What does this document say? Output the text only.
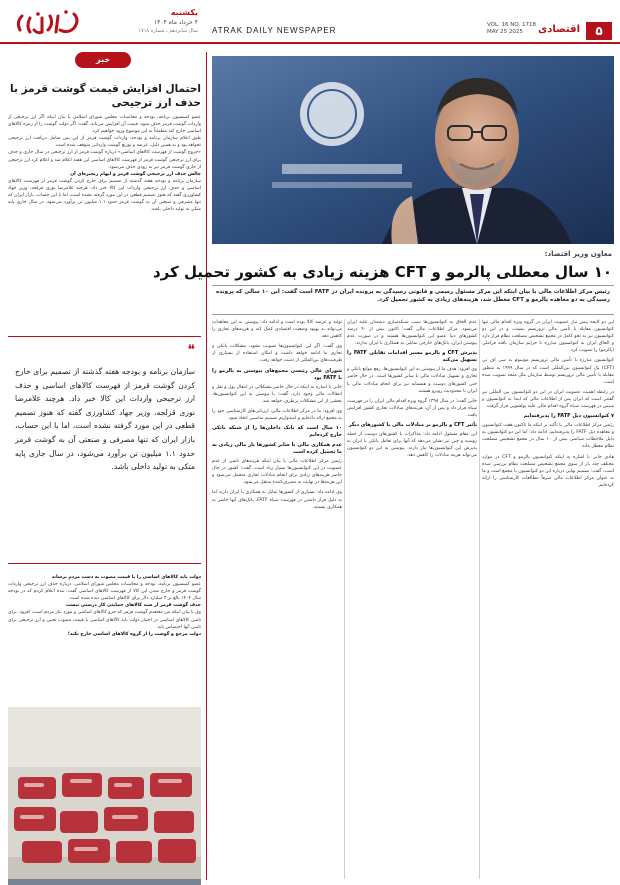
۵
اقتصادی
VOL. 16 NO. 1718
MAY 25 2025
ATRAK DAILY NEWSPAPER
یکشنبه
۴ خرداد ماه ۱۴۰۴
سال شانزدهم ـ شماره ۱۷۱۸
خبر
احتمال افزایش قیمت گوشت قرمز با حذف ارز ترجیحی

عضو کمیسیون برنامه، بودجه و محاسبات مجلس شورای اسلامی با بیان اینکه اگر ارز ترجیحی از واردات گوشت قرمز حذف شود، قیمت آن افزایش می‌یابد، گفت: اگر دولت گوشت را از زمره کالاهای اساسی خارج کند مطمئناً به این موضوع ورود خواهیم کرد.

طبق اعلام سازمان برنامه و بودجه، واردات گوشت قرمز از این پس شامل دریافت ارز ترجیحی نخواهد بود و به همین دلیل، عرضه و توزیع گوشت وارداتی متوقف شده است.

«خروج گوشت از فهرست کالاهای اساسی» درباره گوشت قرمز از ارز ترجیحی در سال جاری و حذف برای ارز ترجیحی گوشت قرمز از فهرست کالاهای اساسی این هفته اعلام شد و اعلام کرد ارز ترجیحی از جاری گوشت قرمز نیز به زودی حذف می‌شود.

چالش حذف ارز ترجیحی گوشت قرمز و ابهام زنجیره‌ای آن

سازمان برنامه و بودجه هفته گذشته از تصمیم برای خارج کردن گوشت قرمز از فهرست کالاهای اساسی و حذف ارز ترجیحی واردات این کالا خبر داد. هرچند غلامرضا نوری قزلجه، وزیر جهاد کشاورزی گفته که هنوز تصمیم قطعی در این مورد گرفته نشده است، اما با این حساب، بازار ایران که تنها مصرفی و صنعتی آن به گوشت قرمز حدود ۱.۱ میلیون تن برآورد می‌شود، در سال جاری پایه متکی به تولید داخلی باشد.

❝
سازمان برنامه و بودجه هفته گذشته از تصمیم برای خارج کردن گوشت قرمز از فهرست کالاهای اساسی و حذف ارز ترجیحی واردات این کالا خبر داد. هرچند غلامرضا نوری قزلجه، وزیر جهاد کشاورزی گفته که هنوز تصمیم قطعی در این مورد گرفته نشده است، اما با این حساب، بازار ایران که تنها مصرفی و صنعتی آن به گوشت قرمز حدود ۱.۱ میلیون تن برآورد می‌شود، در سال جاری پایه متکی به تولید داخلی باشد.

دولت باید کالاهای اساسی را با قیمت مصوب به دست مردم برساند

عضو کمیسیون برنامه، بودجه و محاسبات مجلس شورای اسلامی، درباره حذف ارز ترجیحی واردات گوشت قرمز و خارج شدن این کالا از فهرست کالاهای اساسی گفت: بنده اعلام کردم که در بودجه سال ۱۴۰۴ بالغ بر ۳ میلیارد دلار برای کالاهای اساسی دیده شده است.

حذف گوشت قرمز از سبد کالاهای حمایتی کار درستی نیست

وی با بیان اینکه من معتقدم گوشت قرمز که جزو کالاهای اساسی و مورد نیاز مردم است، افزود: برای تامین کالاهای اساسی در اختیار دولت باید کالاهای اساسی با قیمت مصوب تعیین و ارز ترجیحی برای تامین آنها اختصاص یابد.

دولت مرجع و گوشت را از گروه کالاهای اساسی خارج نکند!

معاون وزیر اقتصاد:
۱۰ سال معطلی پالرمو و CFT هزینه زیادی به کشور تحمیل کرد
رئیس مرکز اطلاعات مالی با بیان اینکه این مرکز مسئول رسمی و قانونی رسیدگی به پرونده ایران در FATF است گفت: این ۱۰ سالی که پرونده رسیدگی به دو معاهده پالرمو و CFT معطل شد، هزینه‌های زیادی به کشور تحمیل کرد.

این دو لایحه پیش نیاز عضویت ایران در گروه ویژه اقدام مالی تنها کنوانسیون مقابله با تأمین مالی تروریسم نیست، و در این دو کنوانسیون نیز به نحو کامل در مجمع تشخیص مصلحت نظام قرار دارد و الحاق ایران به کنوانسیون مبارزه با جرایم سازمان یافته فراملی (پالرمو) را تصویب کرد.

کنوانسیون مبارزه با تأمین مالی تروریسم موسوم به سی اف تی (CFT) یک کنوانسیون بین‌المللی است که در سال ۱۹۹۹ به منظور مقابله با تأمین مالی تروریسم توسط سازمان ملل متحد تصویب شده است.

در رابطه اهمیت عضویت ایران در این دو کنوانسیون بین المللی نیز گفتنی است که ایران پس از اطلاعات مالی که ابتدا به کنوانسیون و سپس در فهرست سیاه گروه اقدام مالی علیه پولشویی قرار گرفت.

۷ کنوانسیون ذیل FATF را پذیرفته‌ایم

رئیس مرکز اطلاعات مالی با تأکید بر اینکه ما تاکنون هفت کنوانسیون و معاهده ذیل FATF را پذیرفته‌ایم، ادامه داد: اما این دو کنوانسیون به دلیل ملاحظات سیاسی بیش از ۱۰ سال در مجمع تشخیص مصلحت نظام معطل ماند.

هادی خانی با اشاره به اینکه کنوانسیون پالرمو و CFT در موارد مختلف چند بار از سوی مجمع تشخیص مصلحت نظام بررسی شده است، گفت: تصمیم نهایی درباره این دو کنوانسیون با مجمع است و ما به عنوان مرکز اطلاعات مالی صرفاً مطالعات کارشناسی را ارائه کرده‌ایم.

عدم الحاق به کنوانسیون‌ها سبب شبکه‌سازی دشمنان علیه ایران می‌شود. مرکز اطلاعات مالی گفت: اکنون بیش از ۹۰ درصد کشورهای دنیا عضو این کنوانسیون‌ها هستند و در صورت عدم پیوستن ایران، بانک‌های خارجی تمایلی به همکاری با ایران ندارند.

پذیرش CFT و پالرمو مسیر اقدامات تقابلی FATF را تسهیل می‌کند

وی افزود: هدف ما از پیوستن به این کنوانسیون‌ها، رفع موانع بانکی و تجاری و تسهیل مبادلات مالی با سایر کشورها است. در حال حاضر حتی کشورهای دوست و همسایه نیز برای انجام مبادلات مالی با ایران با محدودیت روبرو هستند.

خانی گفت: در سال ۱۳۹۸ گروه ویژه اقدام مالی ایران را در فهرست سیاه قرار داد و پس از آن، هزینه‌های مبادلات تجاری کشور افزایش یافت.

تأثیر CFT و پالرمو بر مبادلات مالی با کشورهای دیگر

این مقام مسئول ادامه داد: مذاکرات با کشورهای دوست از جمله روسیه و چین نیز نشان می‌دهد که آنها برای تعامل بانکی با ایران به پذیرش این کنوانسیون‌ها نیاز دارند. پیوستن به این دو کنوانسیون می‌تواند هزینه مبادلات را کاهش دهد.

تولید و عرضه کالا بوده است و ادامه داد: پیوستن به این معاهدات می‌تواند به بهبود وضعیت اقتصادی کمک کند و هزینه‌های تجاری را کاهش دهد.

وی گفت: اگر این کنوانسیون‌ها تصویب نشود، مشکلات بانکی و تجاری ما ادامه خواهد داشت و امکان استفاده از بسیاری از ظرفیت‌های بین‌المللی از دست خواهد رفت.

شورای عالی رئیسی مجمع‌های پیوستن به پالرمو را با FATF بود

خانی با اشاره به اینکه در حال حاضر مشکلاتی در انتقال پول و نقل و انتقالات مالی وجود دارد، گفت: با پیوستن به این کنوانسیون‌ها، بخشی از این مشکلات برطرف خواهد شد.

وی افزود: ما در مرکز اطلاعات مالی، ارزیابی‌های کارشناسی خود را به مجمع ارائه داده‌ایم و امیدواریم تصمیم مناسبی اتخاذ شود.

۱۰ سال است که بانک داخلی‌ها را از شبکه بانکی خارج کرده‌ایم
عدم همکاری مالی با سایر کشورها بار مالی زیادی به ما تحمیل کرده است

رئیس مرکز اطلاعات مالی با بیان اینکه هزینه‌های ناشی از عدم عضویت در این کنوانسیون‌ها بسیار زیاد است، گفت: کشور در حال حاضر هزینه‌های زیادی برای انجام مبادلات تجاری متحمل می‌شود و این هزینه‌ها در نهایت به مصرف‌کننده منتقل می‌شود.

وی ادامه داد: بسیاری از کشورها تمایل به همکاری با ایران دارند اما به دلیل قرار داشتن در فهرست سیاه FATF، بانک‌های آنها حاضر به همکاری نیستند.
